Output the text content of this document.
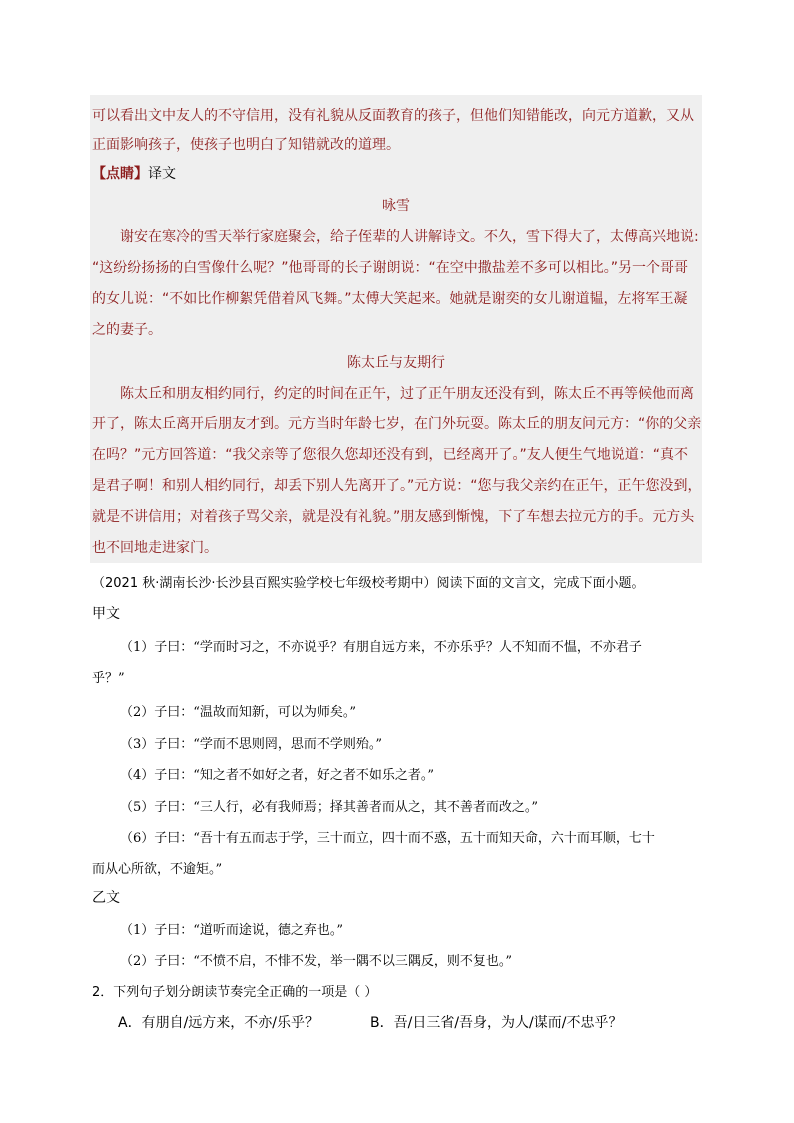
可以看出文中友人的不守信用，没有礼貌从反面教育的孩子，但他们知错能改，向元方道歉，又从
正面影响孩子，使孩子也明白了知错就改的道理。
【点睛】译文
咏雪
谢安在寒冷的雪天举行家庭聚会，给子侄辈的人讲解诗文。不久，雪下得大了，太傅高兴地说:
“这纷纷扬扬的白雪像什么呢？”他哥哥的长子谢朗说：“在空中撒盐差不多可以相比。”另一个哥哥
的女儿说：“不如比作柳絮凭借着风飞舞。”太傅大笑起来。她就是谢奕的女儿谢道韫，左将军王凝
之的妻子。
陈太丘与友期行
陈太丘和朋友相约同行，约定的时间在正午，过了正午朋友还没有到，陈太丘不再等候他而离
开了，陈太丘离开后朋友才到。元方当时年龄七岁，在门外玩耍。陈太丘的朋友问元方：“你的父亲
在吗？”元方回答道：“我父亲等了您很久您却还没有到，已经离开了。”友人便生气地说道：“真不
是君子啊！和别人相约同行，却丢下别人先离开了。”元方说：“您与我父亲约在正午，正午您没到，
就是不讲信用；对着孩子骂父亲，就是没有礼貌。”朋友感到惭愧，下了车想去拉元方的手。元方头
也不回地走进家门。
（2021 秋·湖南长沙·长沙县百熙实验学校七年级校考期中）阅读下面的文言文，完成下面小题。
甲文
（1）子曰：“学而时习之，不亦说乎？有朋自远方来，不亦乐乎？人不知而不愠，不亦君子
乎？”
（2）子曰：“温故而知新，可以为师矣。”
（3）子曰：“学而不思则罔，思而不学则殆。”
（4）子曰：“知之者不如好之者，好之者不如乐之者。”
（5）子曰：“三人行，必有我师焉；择其善者而从之，其不善者而改之。”
（6）子曰：“吾十有五而志于学，三十而立，四十而不惑，五十而知天命，六十而耳顺，七十
而从心所欲，不逾矩。”
乙文
（1）子曰：“道听而途说，德之弃也。”
（2）子曰：“不愤不启，不悱不发，举一隅不以三隅反，则不复也。”
2．下列句子划分朗读节奏完全正确的一项是（ ）
A．有朋自/远方来，不亦/乐乎？	B．吾/日三省/吾身，为人/谋而/不忠乎？
